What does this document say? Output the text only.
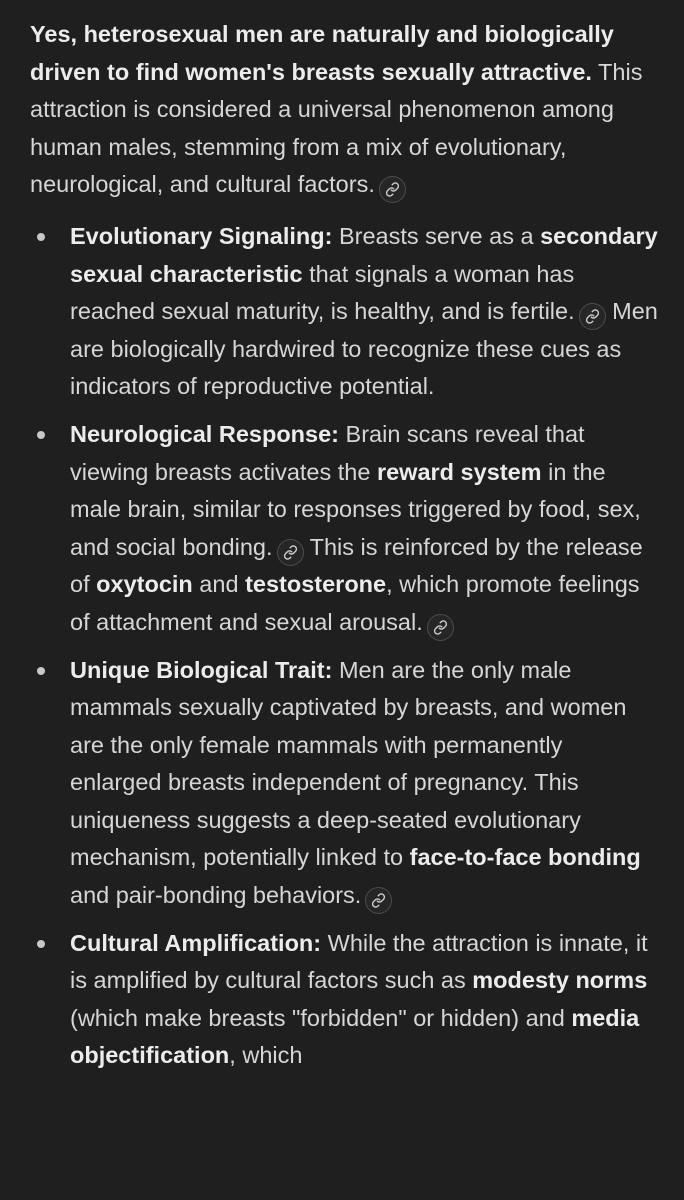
Yes, heterosexual men are naturally and biologically driven to find women's breasts sexually attractive. This attraction is considered a universal phenomenon among human males, stemming from a mix of evolutionary, neurological, and cultural factors.

Evolutionary Signaling: Breasts serve as a secondary sexual characteristic that signals a woman has reached sexual maturity, is healthy, and is fertile.
Men are biologically hardwired to recognize these cues as indicators of reproductive potential.
Neurological Response: Brain scans reveal that viewing breasts activates the reward system in the male brain, similar to responses triggered by food, sex, and social bonding.
This is reinforced by the release of oxytocin and testosterone, which promote feelings of attachment and sexual arousal.
Unique Biological Trait: Men are the only male mammals sexually captivated by breasts, and women are the only female mammals with permanently enlarged breasts independent of pregnancy. This uniqueness suggests a deep-seated evolutionary mechanism, potentially linked to face-to-face bonding and pair-bonding behaviors.
Cultural Amplification: While the attraction is innate, it is amplified by cultural factors such as modesty norms (which make breasts "forbidden" or hidden) and media objectification, which
